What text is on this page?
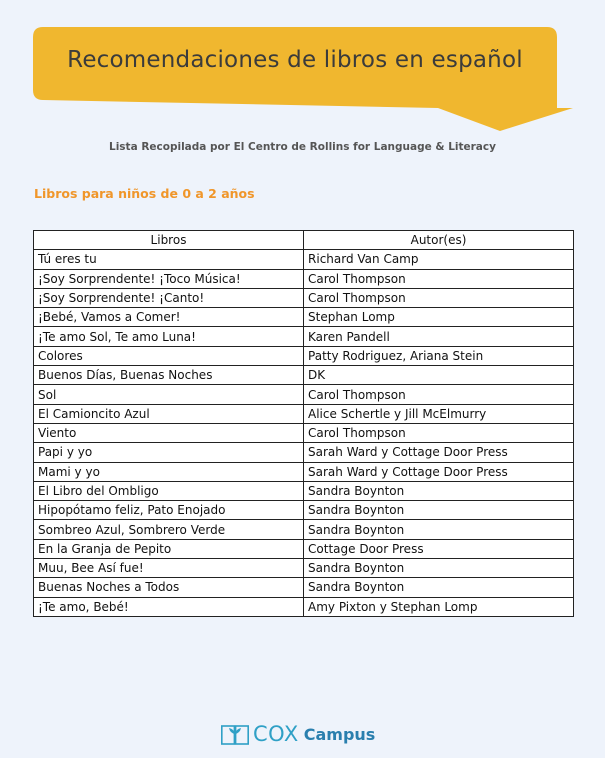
Recomendaciones de libros en español
Lista Recopilada por El Centro de Rollins for Language & Literacy
Libros para niños de 0 a 2 años
Libros	Autor(es)
Tú eres tu	Richard Van Camp
¡Soy Sorprendente! ¡Toco Música!	Carol Thompson
¡Soy Sorprendente! ¡Canto!	Carol Thompson
¡Bebé, Vamos a Comer!	Stephan Lomp
¡Te amo Sol, Te amo Luna!	Karen Pandell
Colores	Patty Rodriguez, Ariana Stein
Buenos Días, Buenas Noches	DK
Sol	Carol Thompson
El Camioncito Azul	Alice Schertle y Jill McElmurry
Viento	Carol Thompson
Papi y yo	Sarah Ward y Cottage Door Press
Mami y yo	Sarah Ward y Cottage Door Press
El Libro del Ombligo	Sandra Boynton
Hipopótamo feliz, Pato Enojado	Sandra Boynton
Sombreo Azul, Sombrero Verde	Sandra Boynton
En la Granja de Pepito	Cottage Door Press
Muu, Bee Así fue!	Sandra Boynton
Buenas Noches a Todos	Sandra Boynton
¡Te amo, Bebé!	Amy Pixton y Stephan Lomp
COX Campus
